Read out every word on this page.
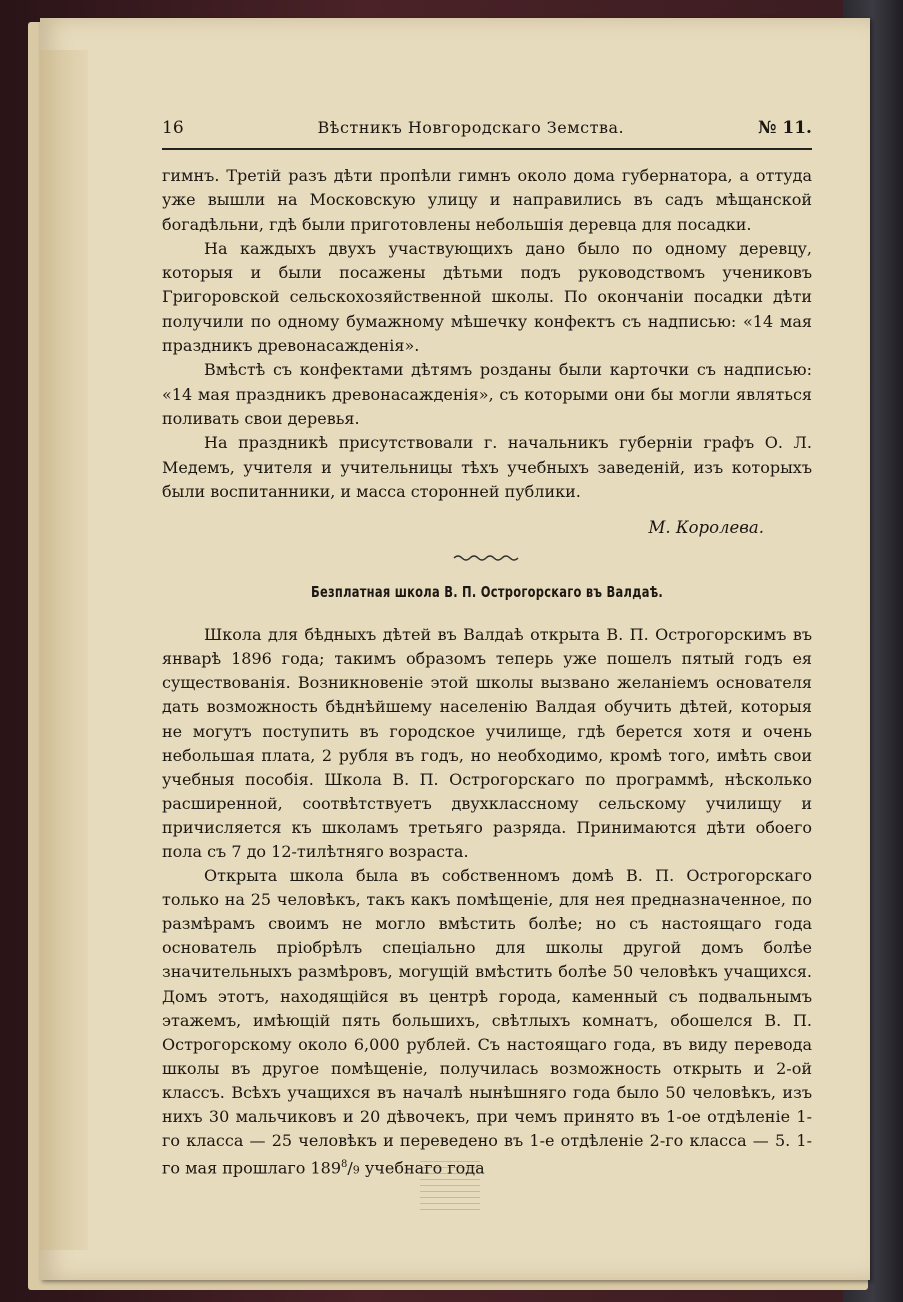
16	Вѣстникъ Новгородскаго Земства.	№ 11.

гимнъ. Третій разъ дѣти пропѣли гимнъ около дома губернатора, а оттуда уже вышли на Московскую улицу и направились въ садъ мѣщанской богадѣльни, гдѣ были приготовлены небольшія деревца для посадки.

На каждыхъ двухъ участвующихъ дано было по одному деревцу, которыя и были посажены дѣтьми подъ руководствомъ учениковъ Григоровской сельскохозяйственной школы. По окончаніи посадки дѣти получили по одному бумажному мѣшечку конфектъ съ надписью: «14 мая праздникъ древонасажденія».

Вмѣстѣ съ конфектами дѣтямъ розданы были карточки съ надписью: «14 мая праздникъ древонасажденія», съ которыми они бы могли являться поливать свои деревья.

На праздникѣ присутствовали г. начальникъ губерніи графъ О. Л. Медемъ, учителя и учительницы тѣхъ учебныхъ заведеній, изъ которыхъ были воспитанники, и масса сторонней публики.

М. Королева.
Безплатная школа В. П. Острогорскаго въ Валдаѣ.

Школа для бѣдныхъ дѣтей въ Валдаѣ открыта В. П. Острогорскимъ въ январѣ 1896 года; такимъ образомъ теперь уже пошелъ пятый годъ ея существованія. Возникновеніе этой школы вызвано желаніемъ основателя дать возможность бѣднѣйшему населенію Валдая обучить дѣтей, которыя не могутъ поступить въ городское училище, гдѣ берется хотя и очень небольшая плата, 2 рубля въ годъ, но необходимо, кромѣ того, имѣть свои учебныя пособія. Школа В. П. Острогорскаго по программѣ, нѣсколько расширенной, соотвѣтствуетъ двухклассному сельскому училищу и причисляется къ школамъ третьяго разряда. Принимаются дѣти обоего пола съ 7 до 12-тилѣтняго возраста.

Открыта школа была въ собственномъ домѣ В. П. Острогорскаго только на 25 человѣкъ, такъ какъ помѣщеніе, для нея предназначенное, по размѣрамъ своимъ не могло вмѣстить болѣе; но съ настоящаго года основатель пріобрѣлъ спеціально для школы другой домъ болѣе значительныхъ размѣровъ, могущій вмѣстить болѣе 50 человѣкъ учащихся. Домъ этотъ, находящійся въ центрѣ города, каменный съ подвальнымъ этажемъ, имѣющій пять большихъ, свѣтлыхъ комнатъ, обошелся В. П. Острогорскому около 6,000 рублей. Съ настоящаго года, въ виду перевода школы въ другое помѣщеніе, получилась возможность открыть и 2-ой классъ. Всѣхъ учащихся въ началѣ нынѣшняго года было 50 человѣкъ, изъ нихъ 30 мальчиковъ и 20 дѣвочекъ, при чемъ принято въ 1-ое отдѣленіе 1-го класса — 25 человѣкъ и переведено въ 1-е отдѣленіе 2-го класса — 5. 1-го мая прошлаго $189^8/9$ учебнаго года
